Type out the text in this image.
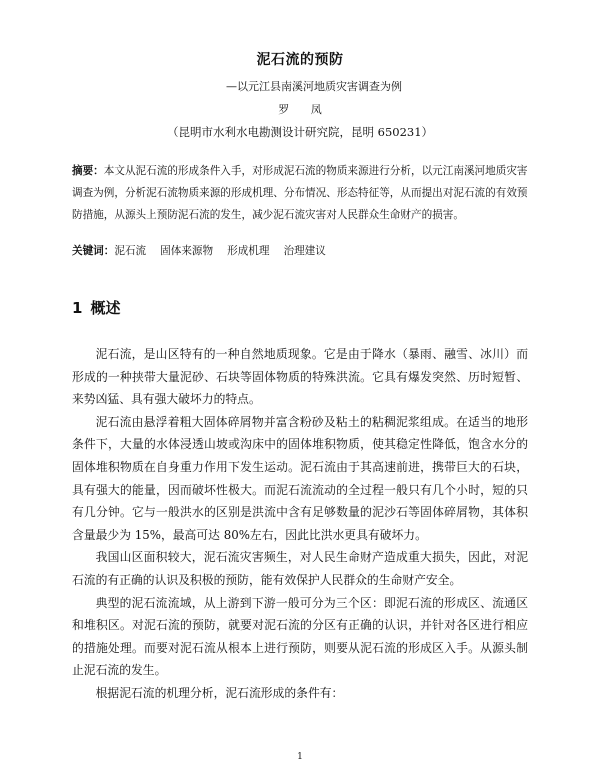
泥石流的预防
—以元江县南溪河地质灾害调查为例
罗 凤
（昆明市水利水电勘测设计研究院，昆明 650231）
摘要：本文从泥石流的形成条件入手，对形成泥石流的物质来源进行分析，以元江南溪河地质灾害调查为例，分析泥石流物质来源的形成机理、分布情况、形态特征等，从而提出对泥石流的有效预防措施，从源头上预防泥石流的发生，减少泥石流灾害对人民群众生命财产的损害。
关键词：泥石流 固体来源物 形成机理 治理建议
1 概述

泥石流，是山区特有的一种自然地质现象。它是由于降水（暴雨、融雪、冰川）而形成的一种挟带大量泥砂、石块等固体物质的特殊洪流。它具有爆发突然、历时短暂、来势凶猛、具有强大破坏力的特点。

泥石流由悬浮着粗大固体碎屑物并富含粉砂及粘土的粘稠泥浆组成。在适当的地形条件下，大量的水体浸透山坡或沟床中的固体堆积物质，使其稳定性降低，饱含水分的固体堆积物质在自身重力作用下发生运动。泥石流由于其高速前进，携带巨大的石块，具有强大的能量，因而破坏性极大。而泥石流流动的全过程一般只有几个小时，短的只有几分钟。它与一般洪水的区别是洪流中含有足够数量的泥沙石等固体碎屑物，其体积含量最少为 15%，最高可达 80%左右，因此比洪水更具有破坏力。

我国山区面积较大，泥石流灾害频生，对人民生命财产造成重大损失，因此，对泥石流的有正确的认识及积极的预防，能有效保护人民群众的生命财产安全。

典型的泥石流流域，从上游到下游一般可分为三个区：即泥石流的形成区、流通区和堆积区。对泥石流的预防，就要对泥石流的分区有正确的认识，并针对各区进行相应的措施处理。而要对泥石流从根本上进行预防，则要从泥石流的形成区入手。从源头制止泥石流的发生。

根据泥石流的机理分析，泥石流形成的条件有：

1
